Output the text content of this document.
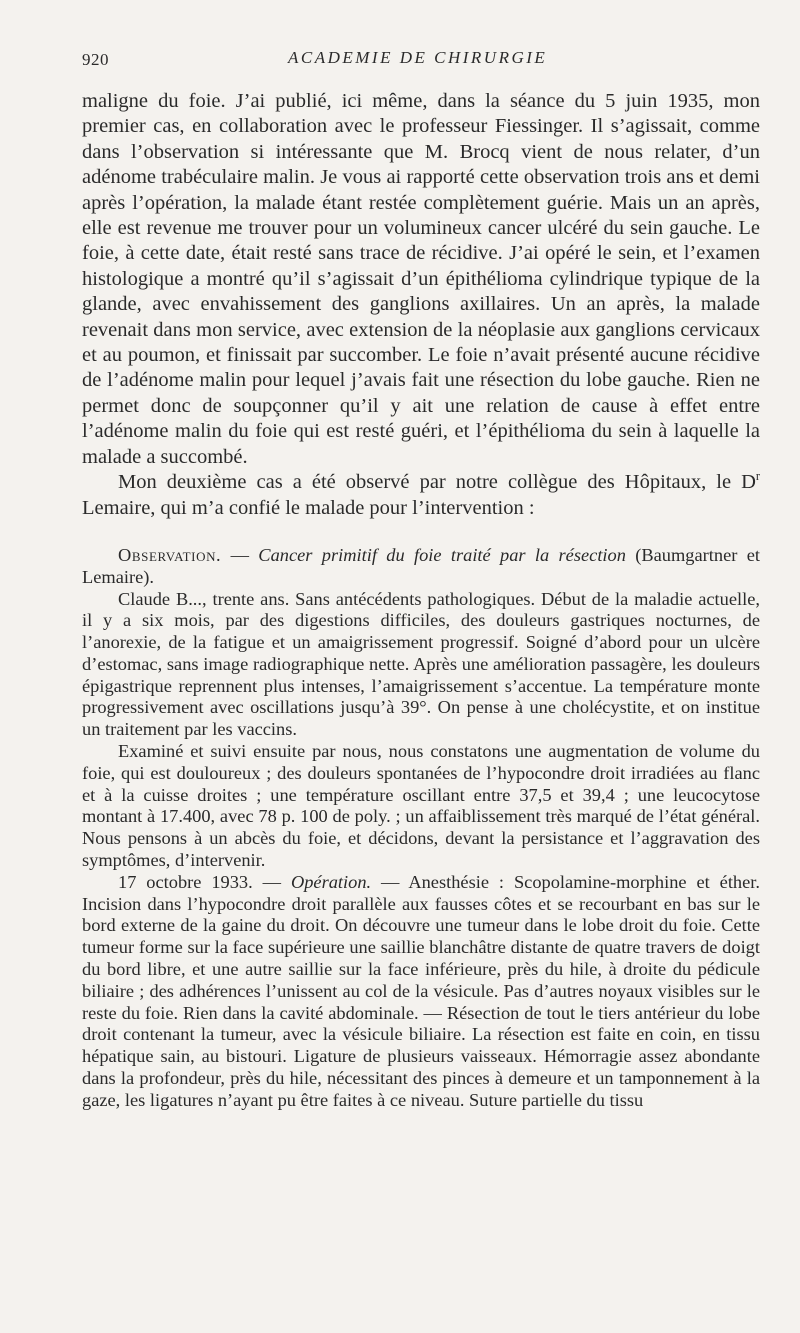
920	ACADEMIE DE CHIRURGIE

maligne du foie. J’ai publié, ici même, dans la séance du 5 juin 1935, mon premier cas, en collaboration avec le professeur Fiessinger. Il s’agissait, comme dans l’observation si intéressante que M. Brocq vient de nous relater, d’un adénome trabéculaire malin. Je vous ai rapporté cette observation trois ans et demi après l’opération, la malade étant restée complètement guérie. Mais un an après, elle est revenue me trouver pour un volumineux cancer ulcéré du sein gauche. Le foie, à cette date, était resté sans trace de récidive. J’ai opéré le sein, et l’examen histologique a montré qu’il s’agissait d’un épithélioma cylindrique typique de la glande, avec envahissement des ganglions axillaires. Un an après, la malade revenait dans mon service, avec extension de la néoplasie aux ganglions cervicaux et au poumon, et finissait par succomber. Le foie n’avait présenté aucune récidive de l’adénome malin pour lequel j’avais fait une résection du lobe gauche. Rien ne permet donc de soupçonner qu’il y ait une relation de cause à effet entre l’adénome malin du foie qui est resté guéri, et l’épithélioma du sein à laquelle la malade a succombé.

Mon deuxième cas a été observé par notre collègue des Hôpitaux, le $D^r$ Lemaire, qui m’a confié le malade pour l’intervention :

Observation. — Cancer primitif du foie traité par la résection (Baumgartner et Lemaire).

Claude B..., trente ans. Sans antécédents pathologiques. Début de la maladie actuelle, il y a six mois, par des digestions difficiles, des douleurs gastriques nocturnes, de l’anorexie, de la fatigue et un amaigrissement progressif. Soigné d’abord pour un ulcère d’estomac, sans image radiographique nette. Après une amélioration passagère, les douleurs épigastrique reprennent plus intenses, l’amaigrissement s’accentue. La température monte progressivement avec oscillations jusqu’à 39°. On pense à une cholécystite, et on institue un traitement par les vaccins.

Examiné et suivi ensuite par nous, nous constatons une augmentation de volume du foie, qui est douloureux ; des douleurs spontanées de l’hypocondre droit irradiées au flanc et à la cuisse droites ; une température oscillant entre 37,5 et 39,4 ; une leucocytose montant à 17.400, avec 78 p. 100 de poly. ; un affaiblissement très marqué de l’état général. Nous pensons à un abcès du foie, et décidons, devant la persistance et l’aggravation des symptômes, d’intervenir.

17 octobre 1933. — Opération. — Anesthésie : Scopolamine-morphine et éther. Incision dans l’hypocondre droit parallèle aux fausses côtes et se recourbant en bas sur le bord externe de la gaine du droit. On découvre une tumeur dans le lobe droit du foie. Cette tumeur forme sur la face supérieure une saillie blanchâtre distante de quatre travers de doigt du bord libre, et une autre saillie sur la face inférieure, près du hile, à droite du pédicule biliaire ; des adhérences l’unissent au col de la vésicule. Pas d’autres noyaux visibles sur le reste du foie. Rien dans la cavité abdominale. — Résection de tout le tiers antérieur du lobe droit contenant la tumeur, avec la vésicule biliaire. La résection est faite en coin, en tissu hépatique sain, au bistouri. Ligature de plusieurs vaisseaux. Hémorragie assez abondante dans la profondeur, près du hile, nécessitant des pinces à demeure et un tamponnement à la gaze, les ligatures n’ayant pu être faites à ce niveau. Suture partielle du tissu
